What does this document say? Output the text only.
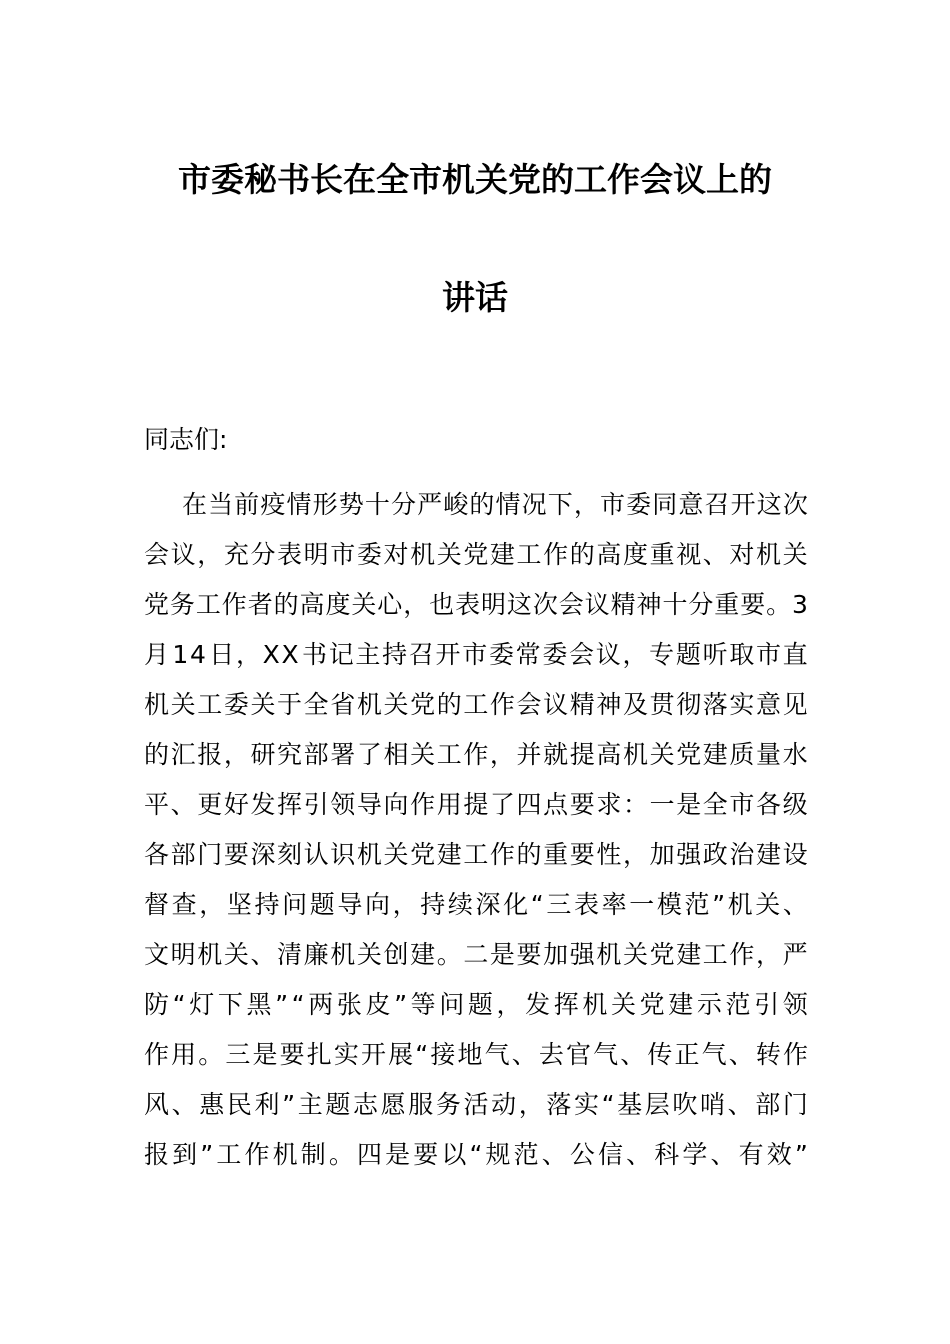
市委秘书长在全市机关党的工作会议上的
讲话

同志们:

在 当 前 疫 情 形 势 十 分 严 峻 的 情 况 下 ， 市 委 同 意 召 开 这 次
会 议 ， 充 分 表 明 市 委 对 机 关 党 建 工 作 的 高 度 重 视 、 对 机 关
党 务 工 作 者 的 高 度 关 心 ， 也 表 明 这 次 会 议 精 神 十 分 重 要 。 3
月 1 4 日 ， X X 书 记 主 持 召 开 市 委 常 委 会 议 ， 专 题 听 取 市 直
机 关 工 委 关 于 全 省 机 关 党 的 工 作 会 议 精 神 及 贯 彻 落 实 意 见
的 汇 报 ， 研 究 部 署 了 相 关 工 作 ， 并 就 提 高 机 关 党 建 质 量 水
平 、 更 好 发 挥 引 领 导 向 作 用 提 了 四 点 要 求 ： 一 是 全 市 各 级
各 部 门 要 深 刻 认 识 机 关 党 建 工 作 的 重 要 性 ， 加 强 政 治 建 设
督 查 ， 坚 持 问 题 导 向 ， 持 续 深 化 “ 三 表 率 一 模 范 ” 机 关 、
文 明 机 关 、 清 廉 机 关 创 建 。 二 是 要 加 强 机 关 党 建 工 作 ， 严
防 “ 灯 下 黑 ” “ 两 张 皮 ” 等 问 题 ， 发 挥 机 关 党 建 示 范 引 领
作 用 。 三 是 要 扎 实 开 展 “ 接 地 气 、 去 官 气 、 传 正 气 、 转 作
风 、 惠 民 利 ” 主 题 志 愿 服 务 活 动 ， 落 实 “ 基 层 吹 哨 、 部 门
报 到 ” 工 作 机 制 。 四 是 要 以 “ 规 范 、 公 信 、 科 学 、 有 效 ”
